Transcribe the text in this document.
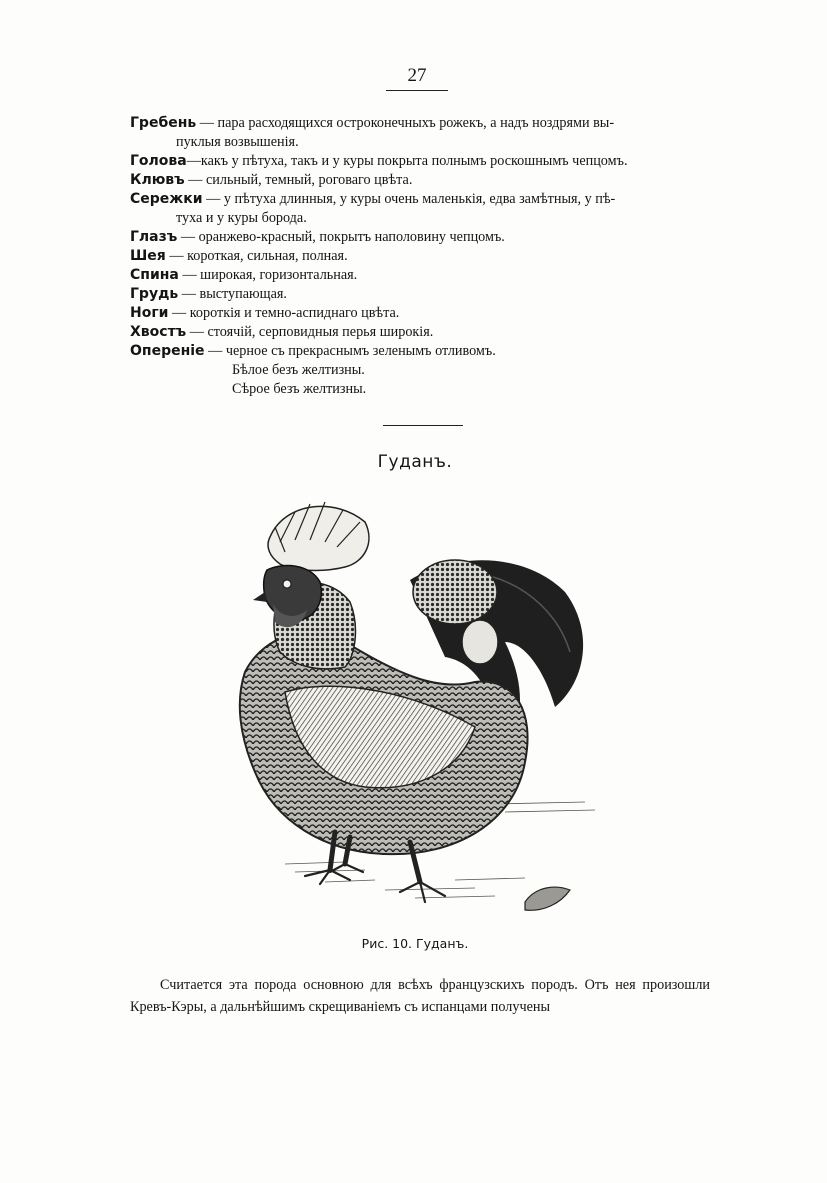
27

Гребень — пара расходящихся остроконечныхъ рожекъ, а надъ ноздрями вы-
пуклыя возвышенія.

Голова—какъ у пѣтуха, такъ и у куры покрыта полнымъ роскошнымъ чепцомъ.

Клювъ — сильный, темный, роговаго цвѣта.

Сережки — у пѣтуха длинныя, у куры очень маленькія, едва замѣтныя, у пѣ-
туха и у куры борода.

Глазъ — оранжево-красный, покрытъ наполовину чепцомъ.

Шея — короткая, сильная, полная.

Спина — широкая, горизонтальная.

Грудь — выступающая.

Ноги — короткія и темно-аспиднаго цвѣта.

Хвостъ — стоячій, серповидныя перья широкія.

Оперeніе — черное съ прекраснымъ зеленымъ отливомъ.
Бѣлое безъ желтизны.
Сѣрое безъ желтизны.

Гуданъ.
Рис. 10. Гуданъ.

Считается эта порода основною для всѣхъ французскихъ породъ. Отъ нея произошли Кревъ-Кэры, а дальнѣйшимъ скрещиваніемъ съ испанцами получены
